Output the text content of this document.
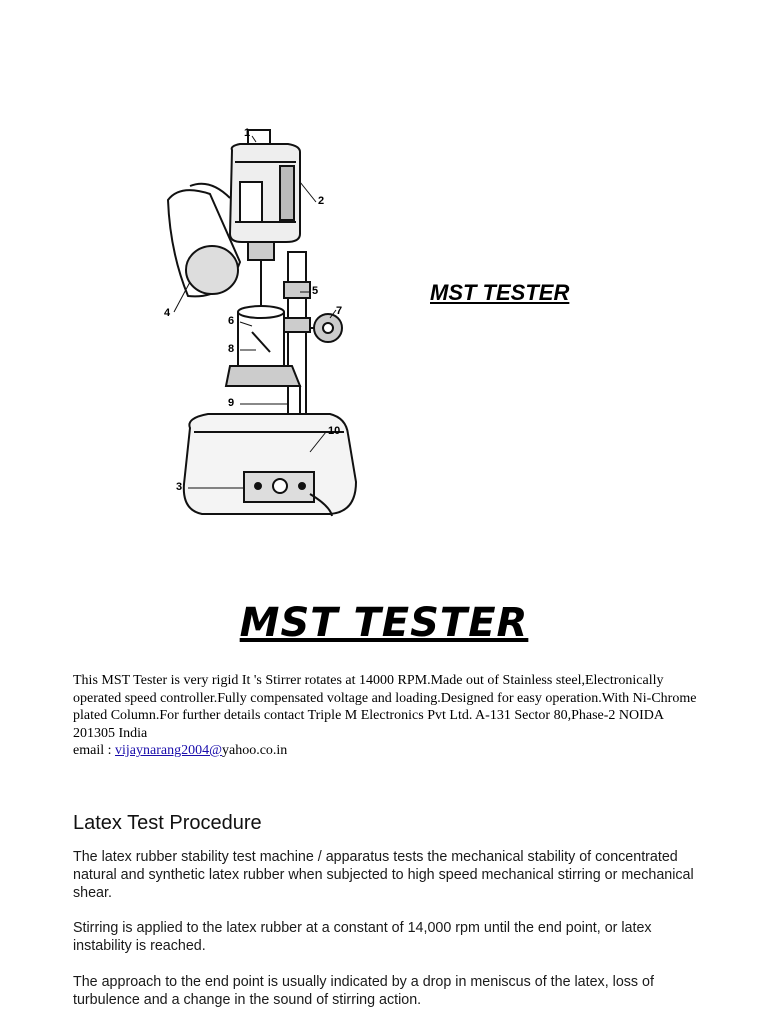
1
2
4
5
6
7
8
9
10
3
MST TESTER
MST TESTER
This MST Tester is very rigid It 's Stirrer rotates at 14000 RPM.Made out of Stainless steel,Electronically operated speed controller.Fully compensated voltage and loading.Designed for easy operation.With Ni-Chrome plated Column.For further details contact Triple M Electronics Pvt Ltd. A-131 Sector 80,Phase-2 NOIDA 201305 India
email : vijaynarang2004@yahoo.co.in
Latex Test Procedure

The latex rubber stability test machine / apparatus tests the mechanical stability of concentrated natural and synthetic latex rubber when subjected to high speed mechanical stirring or mechanical shear.

Stirring is applied to the latex rubber at a constant of 14,000 rpm until the end point, or latex instability is reached.

The approach to the end point is usually indicated by a drop in meniscus of the latex, loss of turbulence and a change in the sound of stirring action.
